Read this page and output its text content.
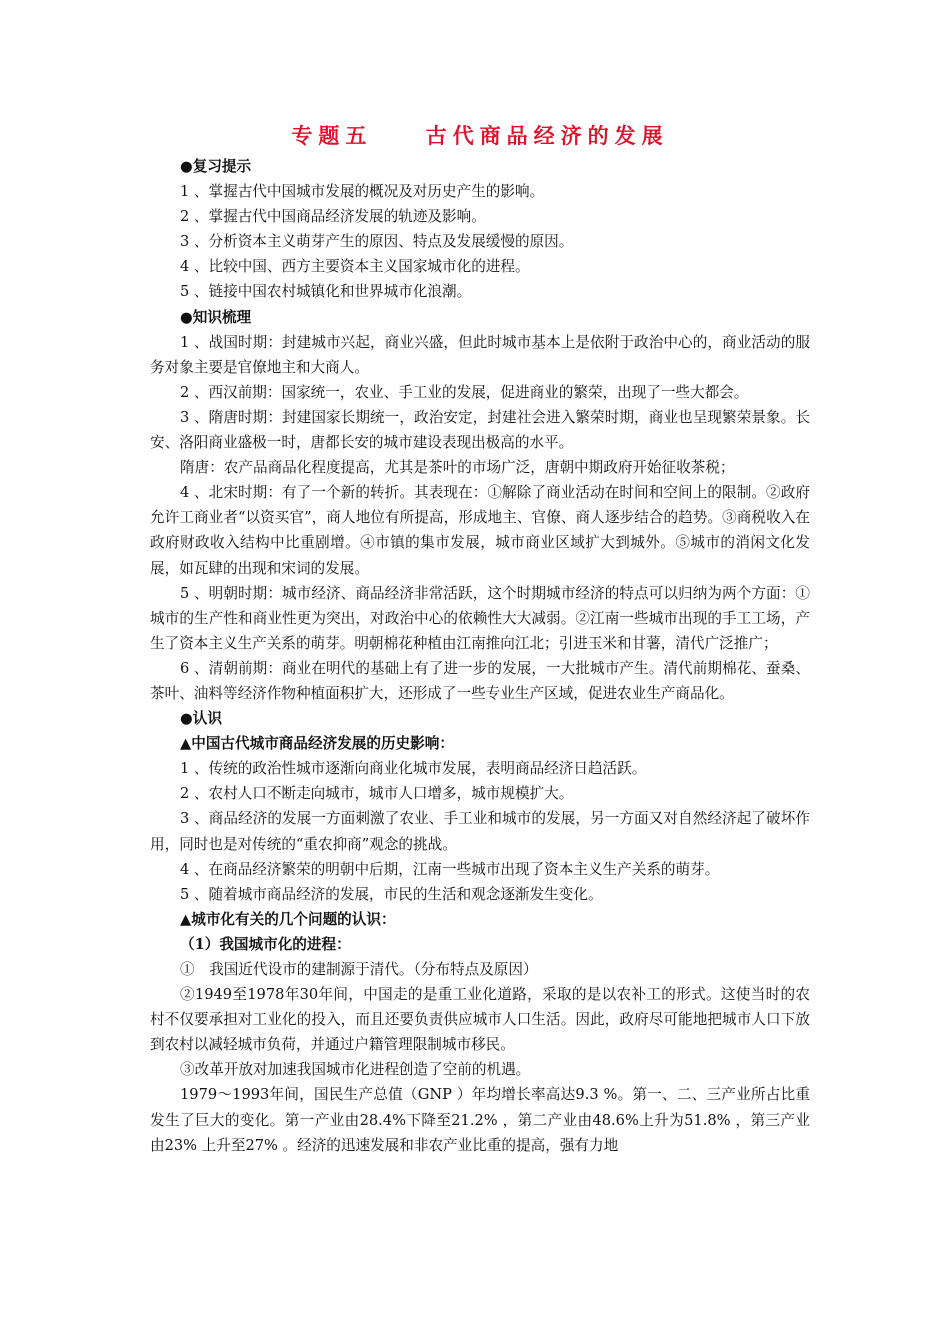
专题五    古代商品经济的发展
●复习提示
1 、掌握古代中国城市发展的概况及对历史产生的影响。
2 、掌握古代中国商品经济发展的轨迹及影响。
3 、分析资本主义萌芽产生的原因、特点及发展缓慢的原因。
4 、比较中国、西方主要资本主义国家城市化的进程。
5 、链接中国农村城镇化和世界城市化浪潮。
●知识梳理
1 、战国时期：封建城市兴起，商业兴盛，但此时城市基本上是依附于政治中心的，商业活动的服务对象主要是官僚地主和大商人。
2 、西汉前期：国家统一，农业、手工业的发展，促进商业的繁荣，出现了一些大都会。
3 、隋唐时期：封建国家长期统一，政治安定，封建社会进入繁荣时期，商业也呈现繁荣景象。长安、洛阳商业盛极一时，唐都长安的城市建设表现出极高的水平。
隋唐：农产品商品化程度提高，尤其是茶叶的市场广泛，唐朝中期政府开始征收茶税；
4 、北宋时期：有了一个新的转折。其表现在：①解除了商业活动在时间和空间上的限制。②政府允许工商业者“以资买官”，商人地位有所提高，形成地主、官僚、商人逐步结合的趋势。③商税收入在政府财政收入结构中比重剧增。④市镇的集市发展，城市商业区域扩大到城外。⑤城市的消闲文化发展，如瓦肆的出现和宋词的发展。
5 、明朝时期：城市经济、商品经济非常活跃，这个时期城市经济的特点可以归纳为两个方面：①城市的生产性和商业性更为突出，对政治中心的依赖性大大减弱。②江南一些城市出现的手工工场，产生了资本主义生产关系的萌芽。明朝棉花种植由江南推向江北；引进玉米和甘薯，清代广泛推广；
6 、清朝前期：商业在明代的基础上有了进一步的发展，一大批城市产生。清代前期棉花、蚕桑、茶叶、油料等经济作物种植面积扩大，还形成了一些专业生产区域，促进农业生产商品化。
●认识
▲中国古代城市商品经济发展的历史影响：
1 、传统的政治性城市逐渐向商业化城市发展，表明商品经济日趋活跃。
2 、农村人口不断走向城市，城市人口增多，城市规模扩大。
3 、商品经济的发展一方面刺激了农业、手工业和城市的发展，另一方面又对自然经济起了破坏作用，同时也是对传统的“重农抑商”观念的挑战。
4 、在商品经济繁荣的明朝中后期，江南一些城市出现了资本主义生产关系的萌芽。
5 、随着城市商品经济的发展，市民的生活和观念逐渐发生变化。
▲城市化有关的几个问题的认识：
（1）我国城市化的进程：
①　我国近代设市的建制源于清代。（分布特点及原因）
②1949至1978年30年间，中国走的是重工业化道路，采取的是以农补工的形式。这使当时的农村不仅要承担对工业化的投入，而且还要负责供应城市人口生活。因此，政府尽可能地把城市人口下放到农村以减轻城市负荷，并通过户籍管理限制城市移民。
③改革开放对加速我国城市化进程创造了空前的机遇。
1979～1993年间，国民生产总值（GNP ）年均增长率高达9.3 %。第一、二、三产业所占比重发生了巨大的变化。第一产业由28.4%下降至21.2% ，第二产业由48.6%上升为51.8% ，第三产业由23% 上升至27% 。经济的迅速发展和非农产业比重的提高，强有力地
